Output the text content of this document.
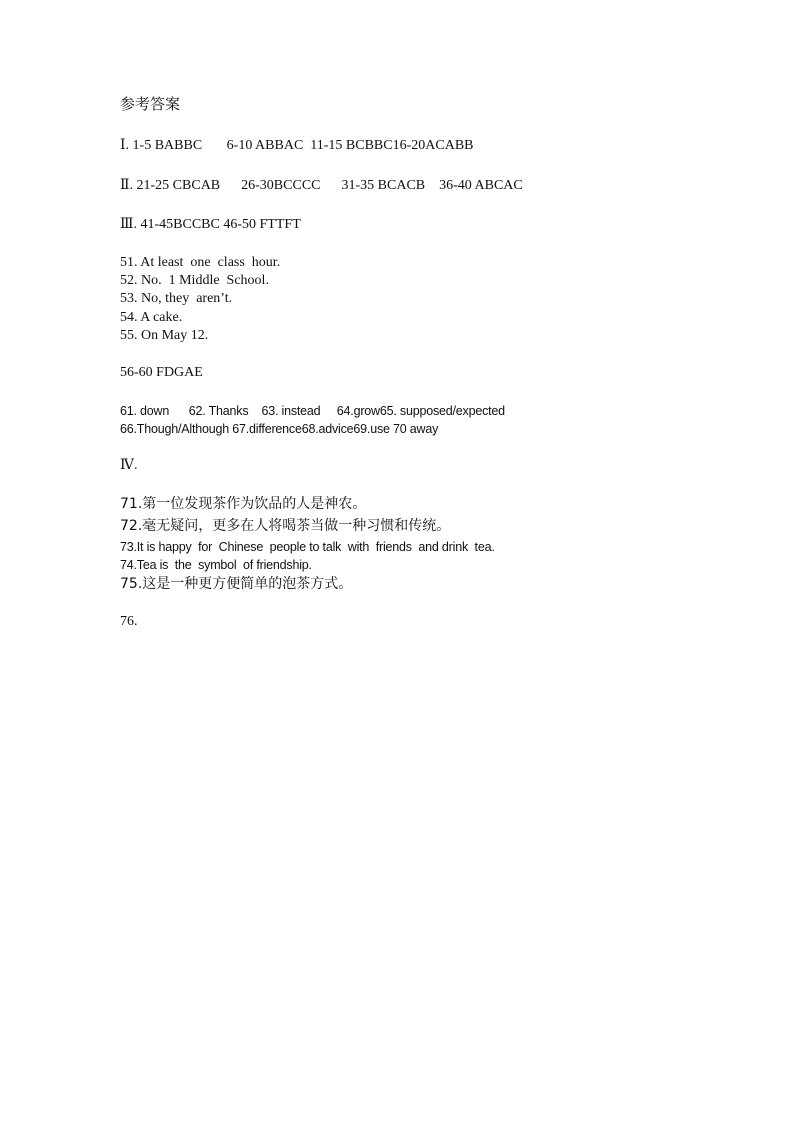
参考答案

Ⅰ. 1-5 BABBC       6-10 ABBAC  11-15 BCBBC16-20ACABB

Ⅱ. 21-25 CBCAB      26-30BCCCC      31-35 BCACB    36-40 ABCAC

Ⅲ. 41-45BCCBC 46-50 FTTFT

51. At least  one  class  hour.

52. No.  1 Middle  School.

53. No, they  aren’t.

54. A cake.

55. On May 12.

56-60 FDGAE

61. down      62. Thanks    63. instead     64.grow65. supposed/expected

66.Though/Although 67.difference68.advice69.use 70 away

Ⅳ.

71.第一位发现茶作为饮品的人是神农。

72.毫无疑问，更多在人将喝茶当做一种习惯和传统。

73.It is happy  for  Chinese  people to talk  with  friends  and drink  tea.

74.Tea is  the  symbol  of friendship.

75.这是一种更方便简单的泡茶方式。

76.
